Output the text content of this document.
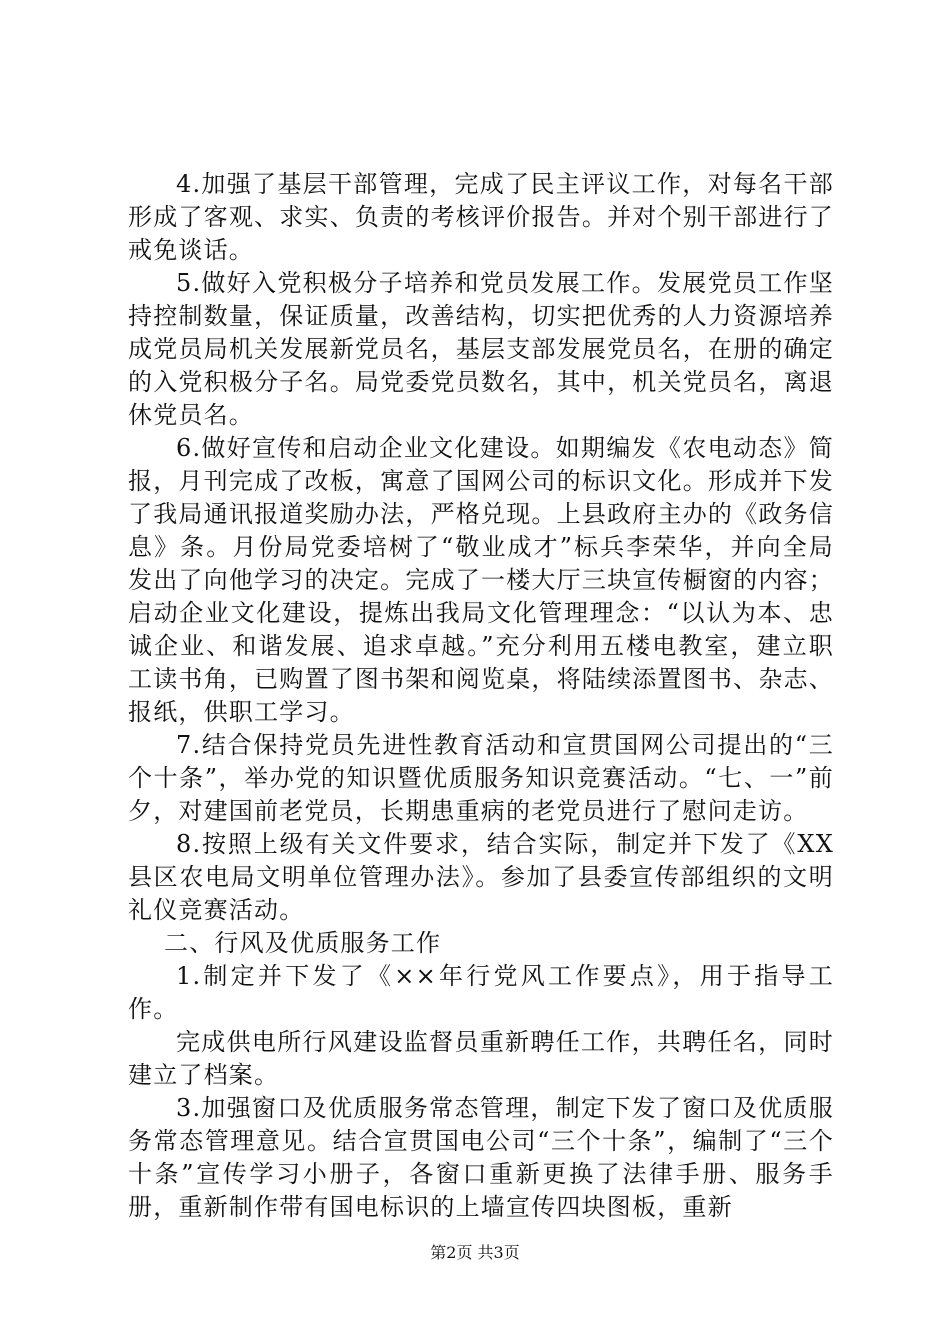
4.加强了基层干部管理，完成了民主评议工作，对每名干部形成了客观、求实、负责的考核评价报告。并对个别干部进行了戒免谈话。

5.做好入党积极分子培养和党员发展工作。发展党员工作坚持控制数量，保证质量，改善结构，切实把优秀的人力资源培养成党员局机关发展新党员名，基层支部发展党员名，在册的确定的入党积极分子名。局党委党员数名，其中，机关党员名，离退休党员名。

6.做好宣传和启动企业文化建设。如期编发《农电动态》简报，月刊完成了改板，寓意了国网公司的标识文化。形成并下发了我局通讯报道奖励办法，严格兑现。上县政府主办的《政务信息》条。月份局党委培树了“敬业成才”标兵李荣华，并向全局发出了向他学习的决定。完成了一楼大厅三块宣传橱窗的内容；启动企业文化建设，提炼出我局文化管理理念：“以认为本、忠诚企业、和谐发展、追求卓越。”充分利用五楼电教室，建立职工读书角，已购置了图书架和阅览桌，将陆续添置图书、杂志、报纸，供职工学习。

7.结合保持党员先进性教育活动和宣贯国网公司提出的“三个十条”，举办党的知识暨优质服务知识竞赛活动。“七、一”前夕，对建国前老党员，长期患重病的老党员进行了慰问走访。

8.按照上级有关文件要求，结合实际，制定并下发了《XX县区农电局文明单位管理办法》。参加了县委宣传部组织的文明礼仪竞赛活动。

二、行风及优质服务工作

1.制定并下发了《××年行党风工作要点》，用于指导工作。

完成供电所行风建设监督员重新聘任工作，共聘任名，同时建立了档案。

3.加强窗口及优质服务常态管理，制定下发了窗口及优质服务常态管理意见。结合宣贯国电公司“三个十条”，编制了“三个十条”宣传学习小册子，各窗口重新更换了法律手册、服务手册，重新制作带有国电标识的上墙宣传四块图板，重新

第2页 共3页
